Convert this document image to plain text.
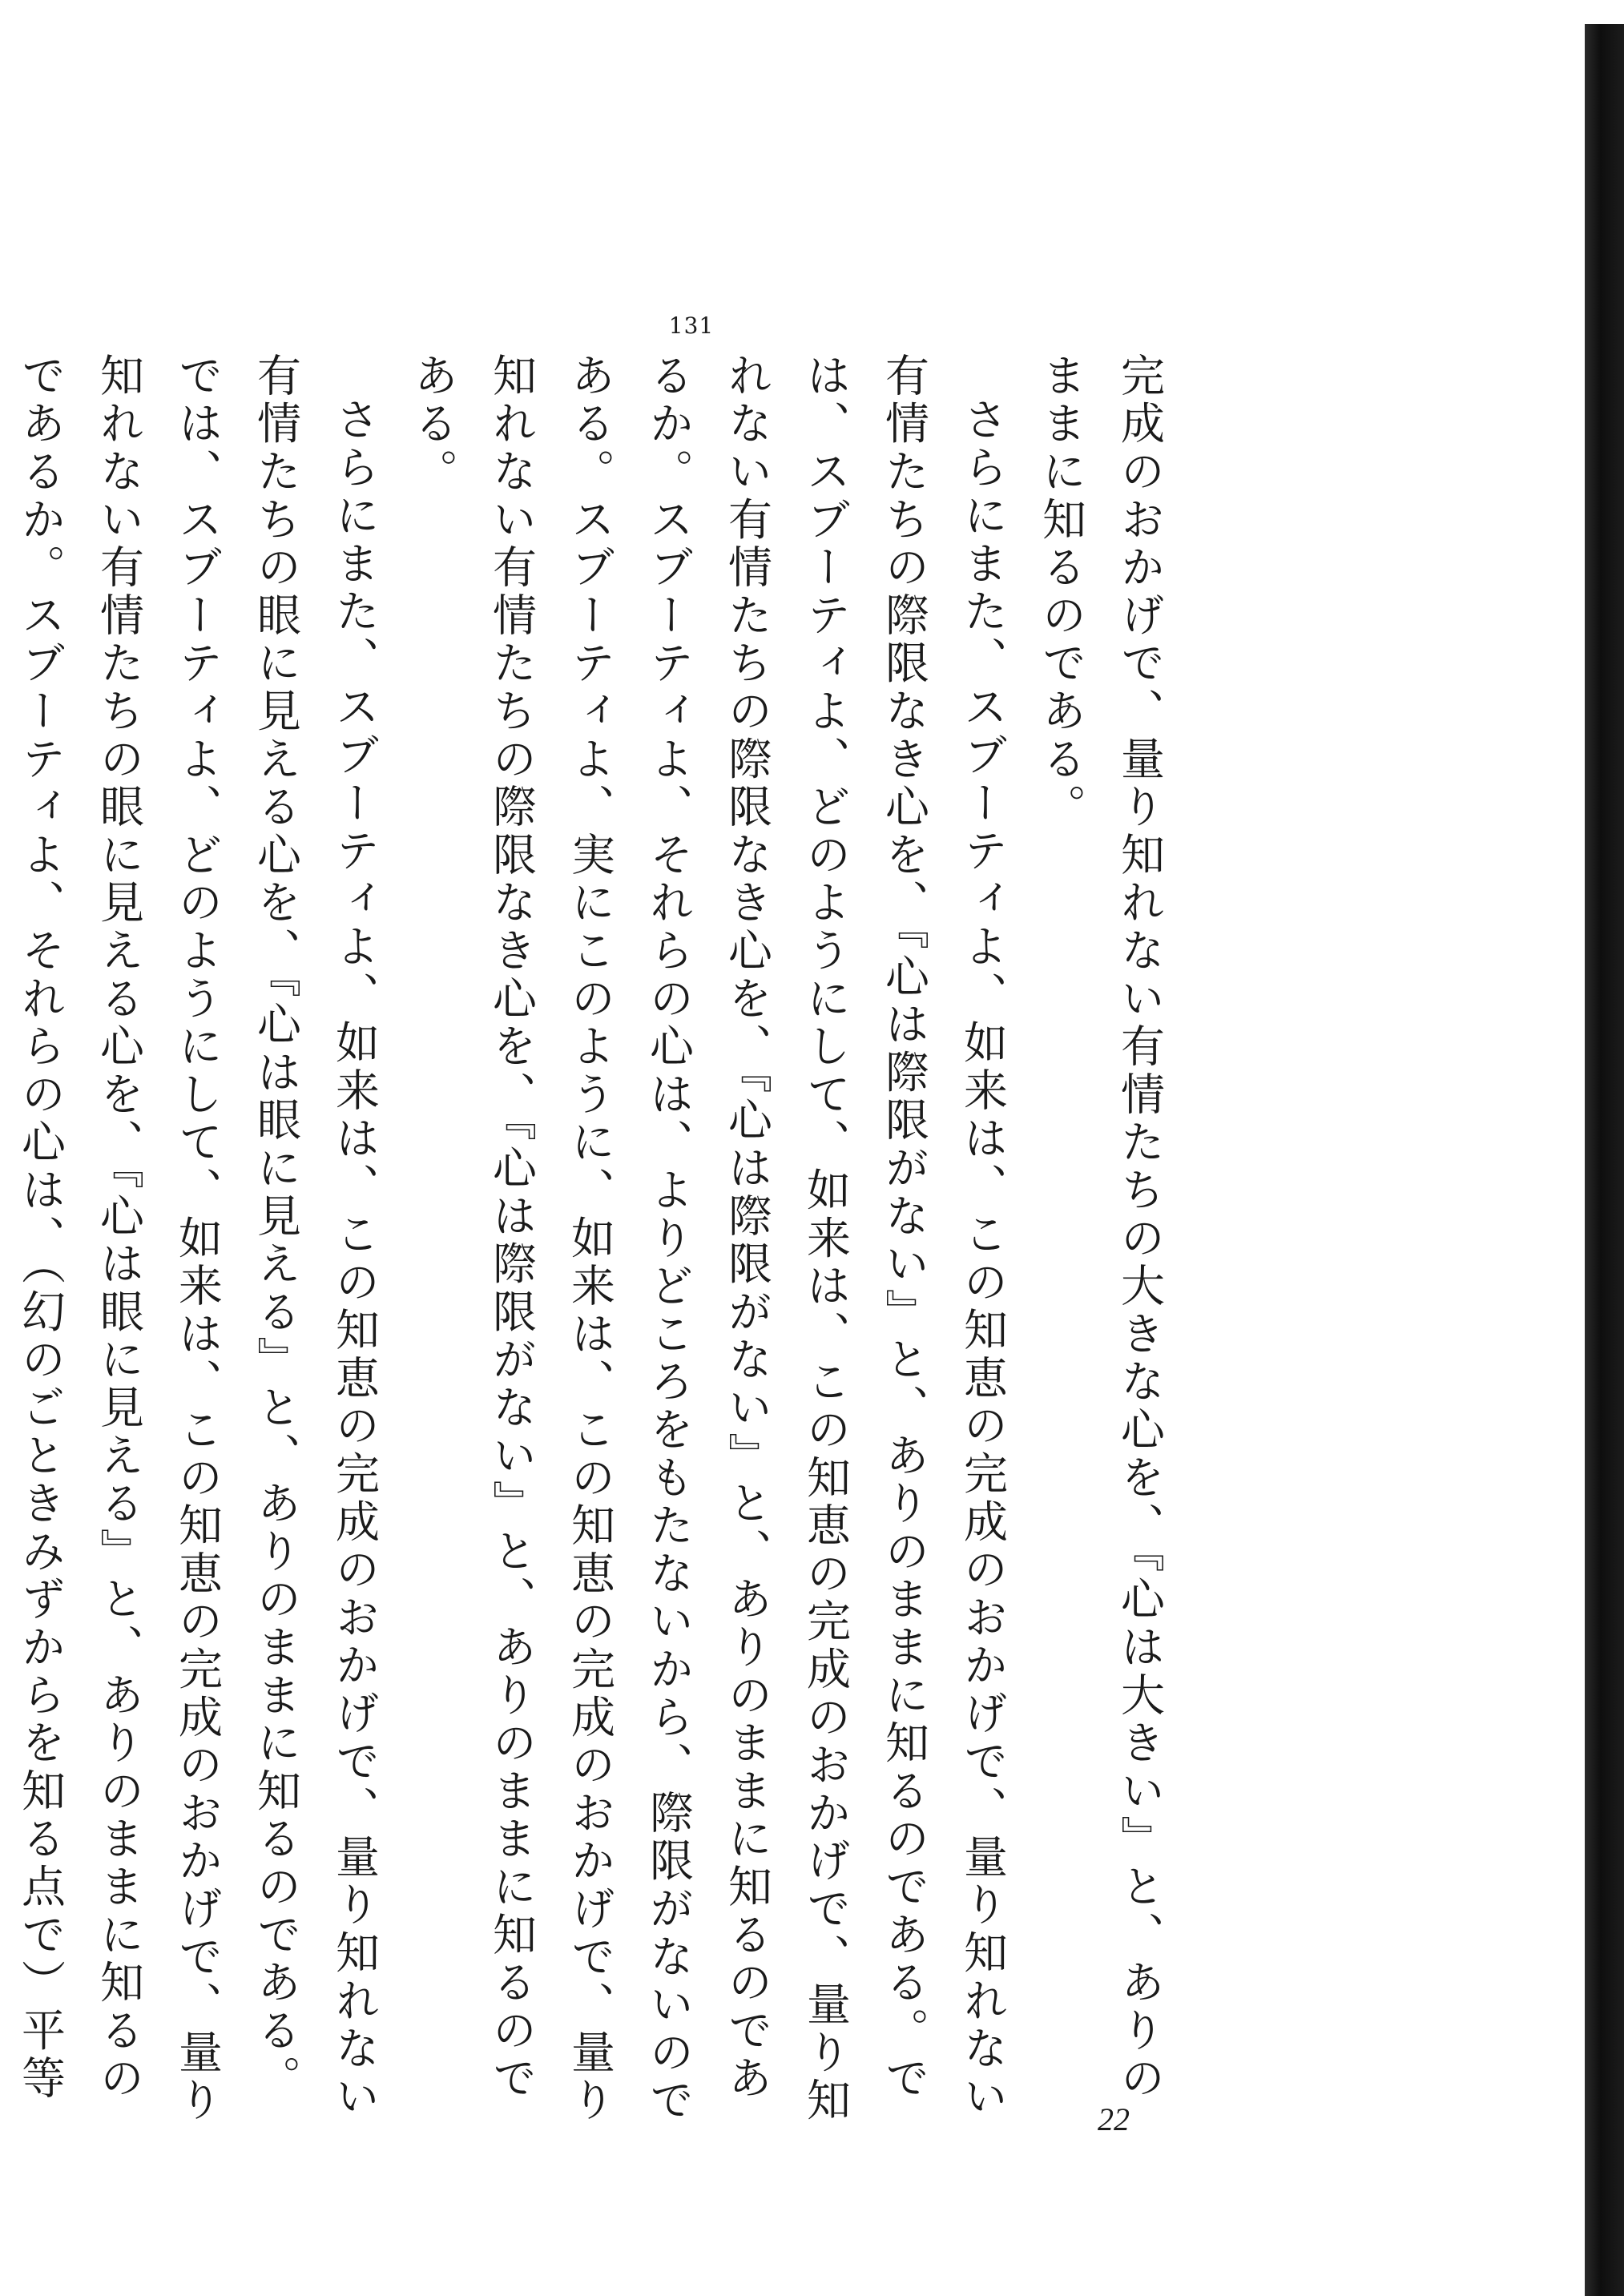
131

完成のおかげで、量り知れない有情たちの大きな心を、『心は大きい』と、ありのままに知るのである。

さらにまた、スブーティよ、如来は、この知恵の完成のおかげで、量り知れない有情たちの際限なき心を、『心は際限がない』と、ありのままに知るのである。では、スブーティよ、どのようにして、如来は、この知恵の完成のおかげで、量り知れない有情たちの際限なき心を、『心は際限がない』と、ありのままに知るのであるか。スブーティよ、それらの心は、よりどころをもたないから、際限がないのである。スブーティよ、実にこのように、如来は、この知恵の完成のおかげで、量り知れない有情たちの際限なき心を、『心は際限がない』と、ありのままに知るのである。

さらにまた、スブーティよ、如来は、この知恵の完成のおかげで、量り知れない有情たちの眼に見える心を、『心は眼に見える』と、ありのままに知るのである。では、スブーティよ、どのようにして、如来は、この知恵の完成のおかげで、量り知れない有情たちの眼に見える心を、『心は眼に見える』と、ありのままに知るのであるか。スブーティよ、それらの心は、（幻のごときみずからを知る点で）平等

22
